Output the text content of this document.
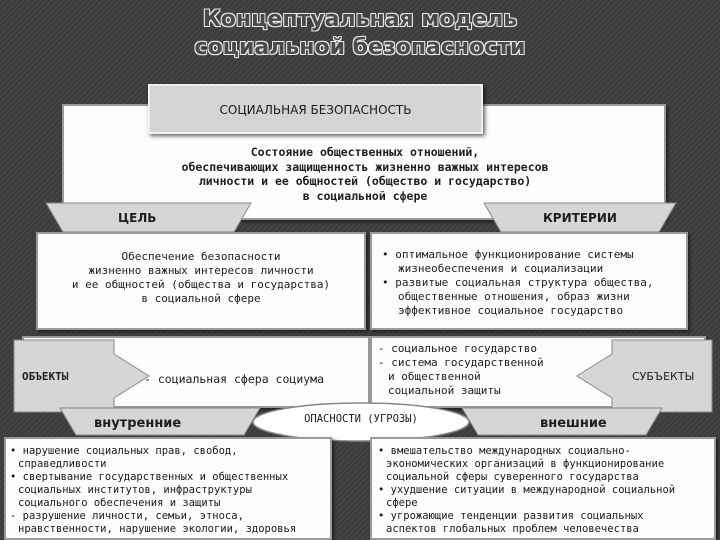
Концептуальная модель
социальной безопасности
СОЦИАЛЬНАЯ БЕЗОПАСНОСТЬ
Состояние общественных отношений,
обеспечивающих защищенность жизненно важных интересов
личности и ее общностей (общество и государство)
в социальной сфере
ЦЕЛЬ	КРИТЕРИИ
Обеспечение безопасности
жизненно важных интересов личности
и ее общностей (общества и государства)
в социальной сфере
• оптимальное функционирование системы
жизнеобеспечения и социализации
• развитые социальная структура общества,
общественные отношения, образ жизни
эффективное социальное государство
ОБЪЕКТЫ	- социальная сфера социума
- социальное государство
- система государственной
и общественной
социальной защиты
СУБЪЕКТЫ
внутренние	ОПАСНОСТИ (УГРОЗЫ)	внешние
• нарушение социальных прав, свобод,
справедливости
• свертывание государственных и общественных
социальных институтов, инфраструктуры
социального обеспечения и защиты
- разрушение личности, семьи, этноса,
нравственности, нарушение экологии, здоровья
• вмешательство международных социально-
экономических организаций в функционирование
социальной сферы суверенного государства
• ухудшение ситуации в международной социальной
сфере
• угрожающие тенденции развития социальных
аспектов глобальных проблем человечества
